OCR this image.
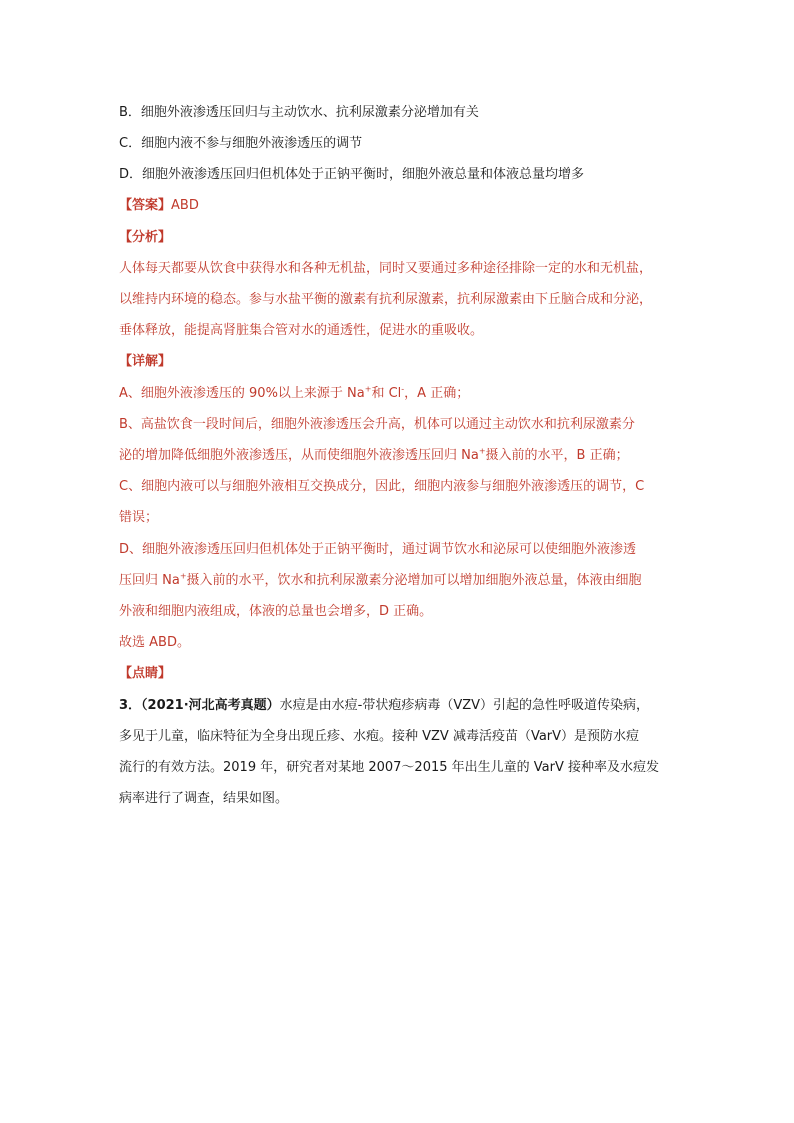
B．细胞外液渗透压回归与主动饮水、抗利尿激素分泌增加有关
C．细胞内液不参与细胞外液渗透压的调节
D．细胞外液渗透压回归但机体处于正钠平衡时，细胞外液总量和体液总量均增多
【答案】ABD
【分析】
人体每天都要从饮食中获得水和各种无机盐，同时又要通过多种途径排除一定的水和无机盐，
以维持内环境的稳态。参与水盐平衡的激素有抗利尿激素，抗利尿激素由下丘脑合成和分泌，
垂体释放，能提高肾脏集合管对水的通透性，促进水的重吸收。
【详解】
A、细胞外液渗透压的 90%以上来源于 Na+和 Cl-，A 正确；
B、高盐饮食一段时间后，细胞外液渗透压会升高，机体可以通过主动饮水和抗利尿激素分
泌的增加降低细胞外液渗透压，从而使细胞外液渗透压回归 Na+摄入前的水平，B 正确；
C、细胞内液可以与细胞外液相互交换成分，因此，细胞内液参与细胞外液渗透压的调节，C
错误；
D、细胞外液渗透压回归但机体处于正钠平衡时，通过调节饮水和泌尿可以使细胞外液渗透
压回归 Na+摄入前的水平，饮水和抗利尿激素分泌增加可以增加细胞外液总量，体液由细胞
外液和细胞内液组成，体液的总量也会增多，D 正确。
故选 ABD。
【点睛】
3．（2021·河北高考真题）水痘是由水痘-带状疱疹病毒（VZV）引起的急性呼吸道传染病，
多见于儿童，临床特征为全身出现丘疹、水疱。接种 VZV 减毒活疫苗（VarV）是预防水痘
流行的有效方法。2019 年，研究者对某地 2007～2015 年出生儿童的 VarV 接种率及水痘发
病率进行了调查，结果如图。
